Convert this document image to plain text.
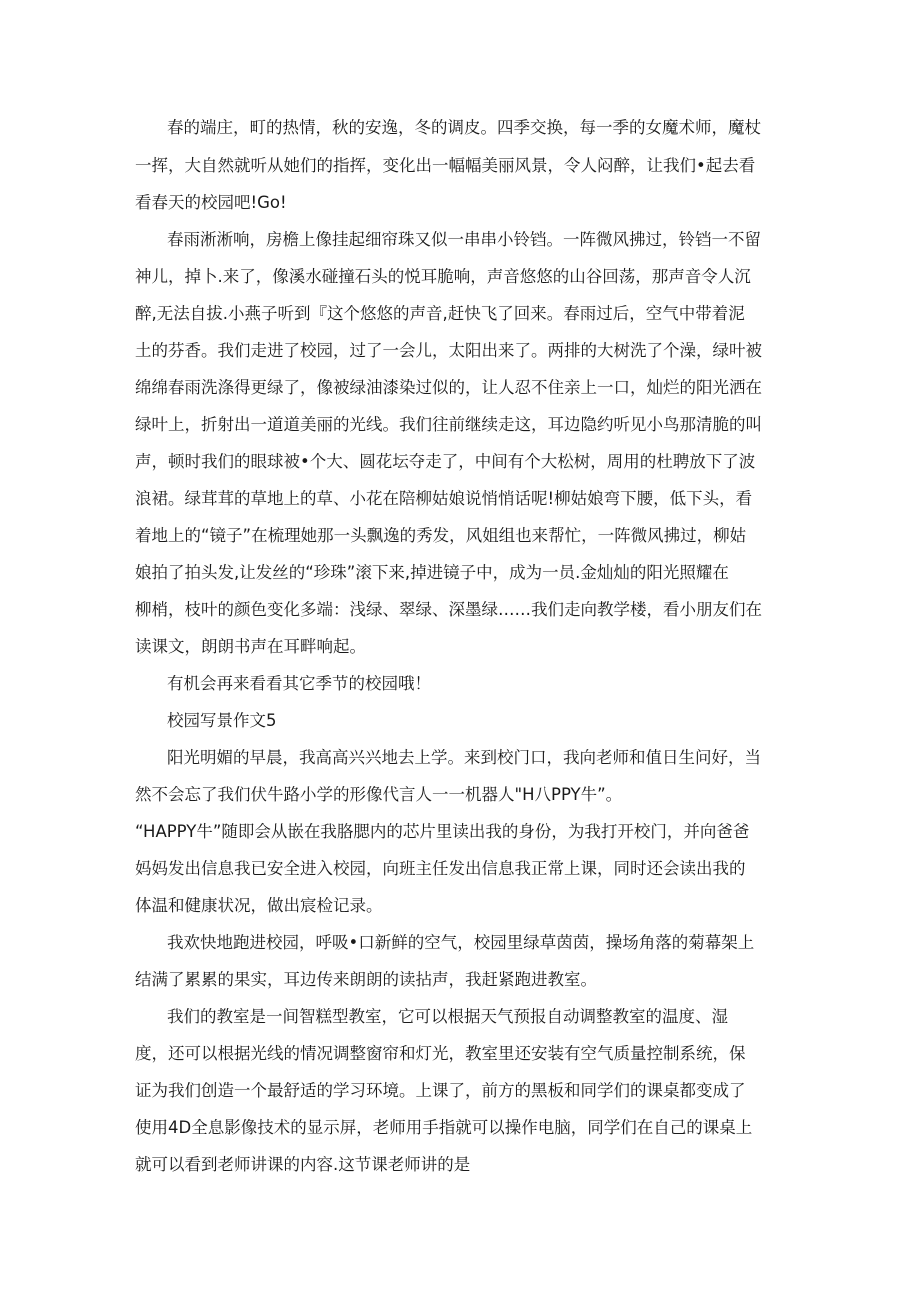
春的端庄，町的热情，秋的安逸，冬的调皮。四季交换，每一季的女魔术师，魔杖
一挥，大自然就听从她们的指挥，变化出一幅幅美丽风景，令人闷醉，让我们•起去看
看春天的校园吧!Go!
春雨淅淅响，房檐上像挂起细帘珠又似一串串小铃铛。一阵微风拂过，铃铛一不留
神儿，掉卜.来了，像溪水碰撞石头的悦耳脆响，声音悠悠的山谷回荡，那声音令人沉
醉,无法自拔.小燕子听到『这个悠悠的声音,赶快飞了回来。春雨过后，空气中带着泥
土的芬香。我们走进了校园，过了一会儿，太阳出来了。两排的大树洗了个澡，绿叶被
绵绵春雨洗涤得更绿了，像被绿油漆染过似的，让人忍不住亲上一口，灿烂的阳光洒在
绿叶上，折射出一道道美丽的光线。我们往前继续走这，耳边隐约听见小鸟那清脆的叫
声，顿时我们的眼球被•个大、圆花坛夺走了，中间有个大松树，周用的杜聘放下了波
浪裙。绿茸茸的草地上的草、小花在陪柳姑娘说悄悄话呢!柳姑娘弯下腰，低下头，看
着地上的“镜子”在梳理她那一头飘逸的秀发，风姐组也来帮忙，一阵微风拂过，柳姑
娘拍了拍头发,让发丝的“珍珠”滚下来,掉进镜子中，成为一员.金灿灿的阳光照耀在
柳梢，枝叶的颜色变化多端：浅绿、翠绿、深墨绿……我们走向教学楼，看小朋友们在
读课文，朗朗书声在耳畔响起。
有机会再来看看其它季节的校园哦！
校园写景作文5
阳光明媚的早晨，我高高兴兴地去上学。来到校门口，我向老师和值日生问好，当
然不会忘了我们伏牛路小学的形像代言人一一机器人"H八PPY牛”。
“HAPPY牛”随即会从嵌在我胳腮内的芯片里读出我的身份，为我打开校门，并向爸爸
妈妈发出信息我已安全进入校园，向班主任发出信息我正常上课，同时还会读出我的
体温和健康状况，做出宸检记录。
我欢快地跑进校园，呼吸•口新鲜的空气，校园里绿草茵茵，操场角落的菊幕架上
结满了累累的果实，耳边传来朗朗的读拈声，我赶紧跑进教室。
我们的教室是一间智糕型教室，它可以根据天气预报自动调整教室的温度、湿
度，还可以根据光线的情况调整窗帘和灯光，教室里还安装有空气质量控制系统，保
证为我们创造一个最舒适的学习环境。上课了，前方的黑板和同学们的课桌都变成了
使用4D全息影像技术的显示屏，老师用手指就可以操作电脑，同学们在自己的课桌上
就可以看到老师讲课的内容.这节课老师讲的是
